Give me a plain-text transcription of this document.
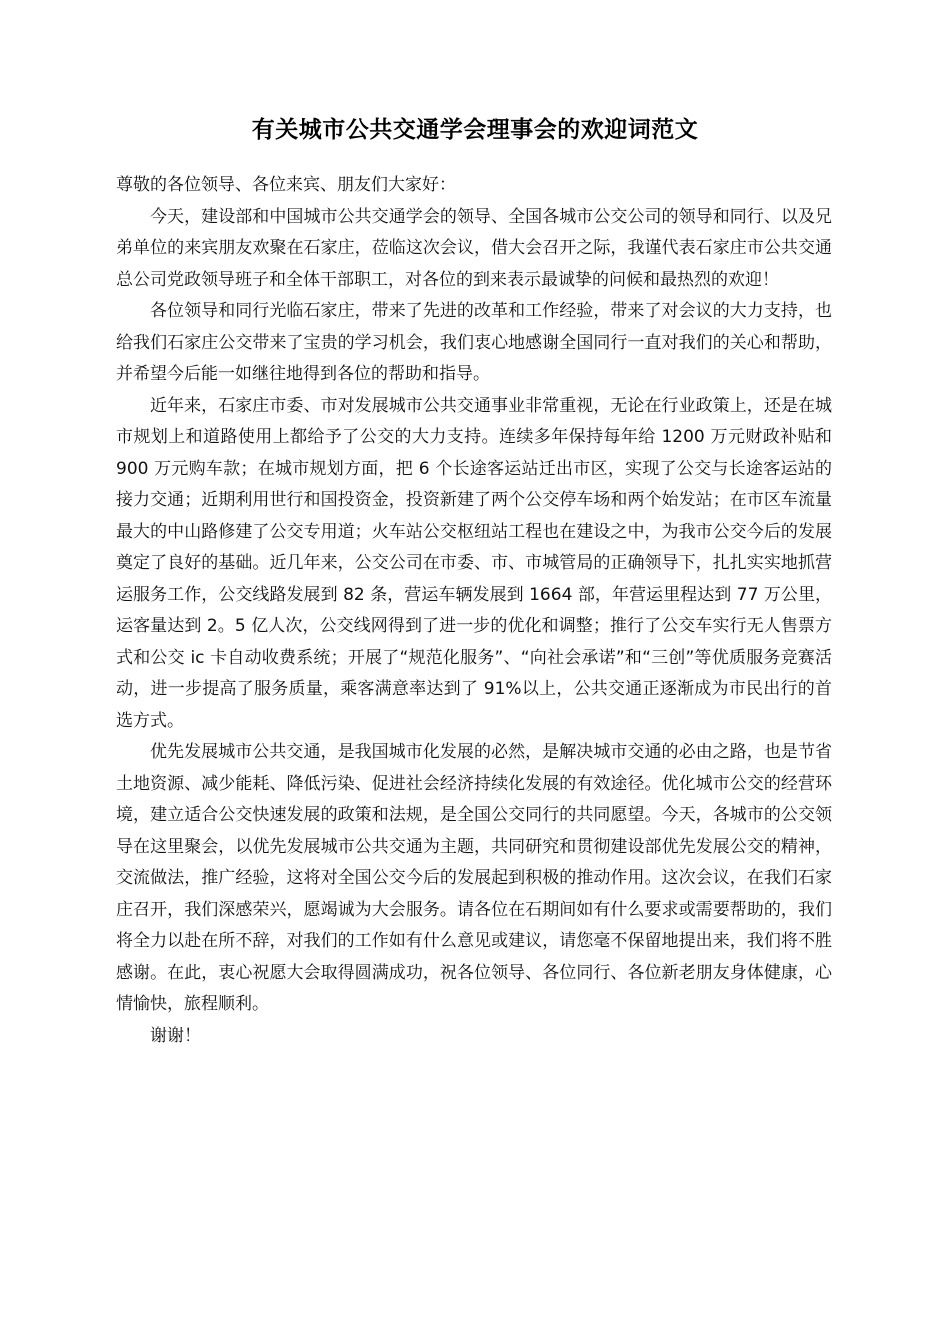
有关城市公共交通学会理事会的欢迎词范文

尊敬的各位领导、各位来宾、朋友们大家好：

今天，建设部和中国城市公共交通学会的领导、全国各城市公交公司的领导和同行、以及兄弟单位的来宾朋友欢聚在石家庄，莅临这次会议，借大会召开之际，我谨代表石家庄市公共交通总公司党政领导班子和全体干部职工，对各位的到来表示最诚挚的问候和最热烈的欢迎！

各位领导和同行光临石家庄，带来了先进的改革和工作经验，带来了对会议的大力支持，也给我们石家庄公交带来了宝贵的学习机会，我们衷心地感谢全国同行一直对我们的关心和帮助，并希望今后能一如继往地得到各位的帮助和指导。

近年来，石家庄市委、市对发展城市公共交通事业非常重视，无论在行业政策上，还是在城市规划上和道路使用上都给予了公交的大力支持。连续多年保持每年给 1200 万元财政补贴和 900 万元购车款；在城市规划方面，把 6 个长途客运站迁出市区，实现了公交与长途客运站的接力交通；近期利用世行和国投资金，投资新建了两个公交停车场和两个始发站；在市区车流量最大的中山路修建了公交专用道；火车站公交枢纽站工程也在建设之中，为我市公交今后的发展奠定了良好的基础。近几年来，公交公司在市委、市、市城管局的正确领导下，扎扎实实地抓营运服务工作，公交线路发展到 82 条，营运车辆发展到 1664 部，年营运里程达到 77 万公里，运客量达到 2。5 亿人次，公交线网得到了进一步的优化和调整；推行了公交车实行无人售票方式和公交 ic 卡自动收费系统；开展了“规范化服务”、“向社会承诺”和“三创”等优质服务竞赛活动，进一步提高了服务质量，乘客满意率达到了 91%以上，公共交通正逐渐成为市民出行的首选方式。

优先发展城市公共交通，是我国城市化发展的必然，是解决城市交通的必由之路，也是节省土地资源、减少能耗、降低污染、促进社会经济持续化发展的有效途径。优化城市公交的经营环境，建立适合公交快速发展的政策和法规，是全国公交同行的共同愿望。今天，各城市的公交领导在这里聚会，以优先发展城市公共交通为主题，共同研究和贯彻建设部优先发展公交的精神，交流做法，推广经验，这将对全国公交今后的发展起到积极的推动作用。这次会议，在我们石家庄召开，我们深感荣兴，愿竭诚为大会服务。请各位在石期间如有什么要求或需要帮助的，我们将全力以赴在所不辞，对我们的工作如有什么意见或建议，请您毫不保留地提出来，我们将不胜感谢。在此，衷心祝愿大会取得圆满成功，祝各位领导、各位同行、各位新老朋友身体健康，心情愉快，旅程顺利。

谢谢！
